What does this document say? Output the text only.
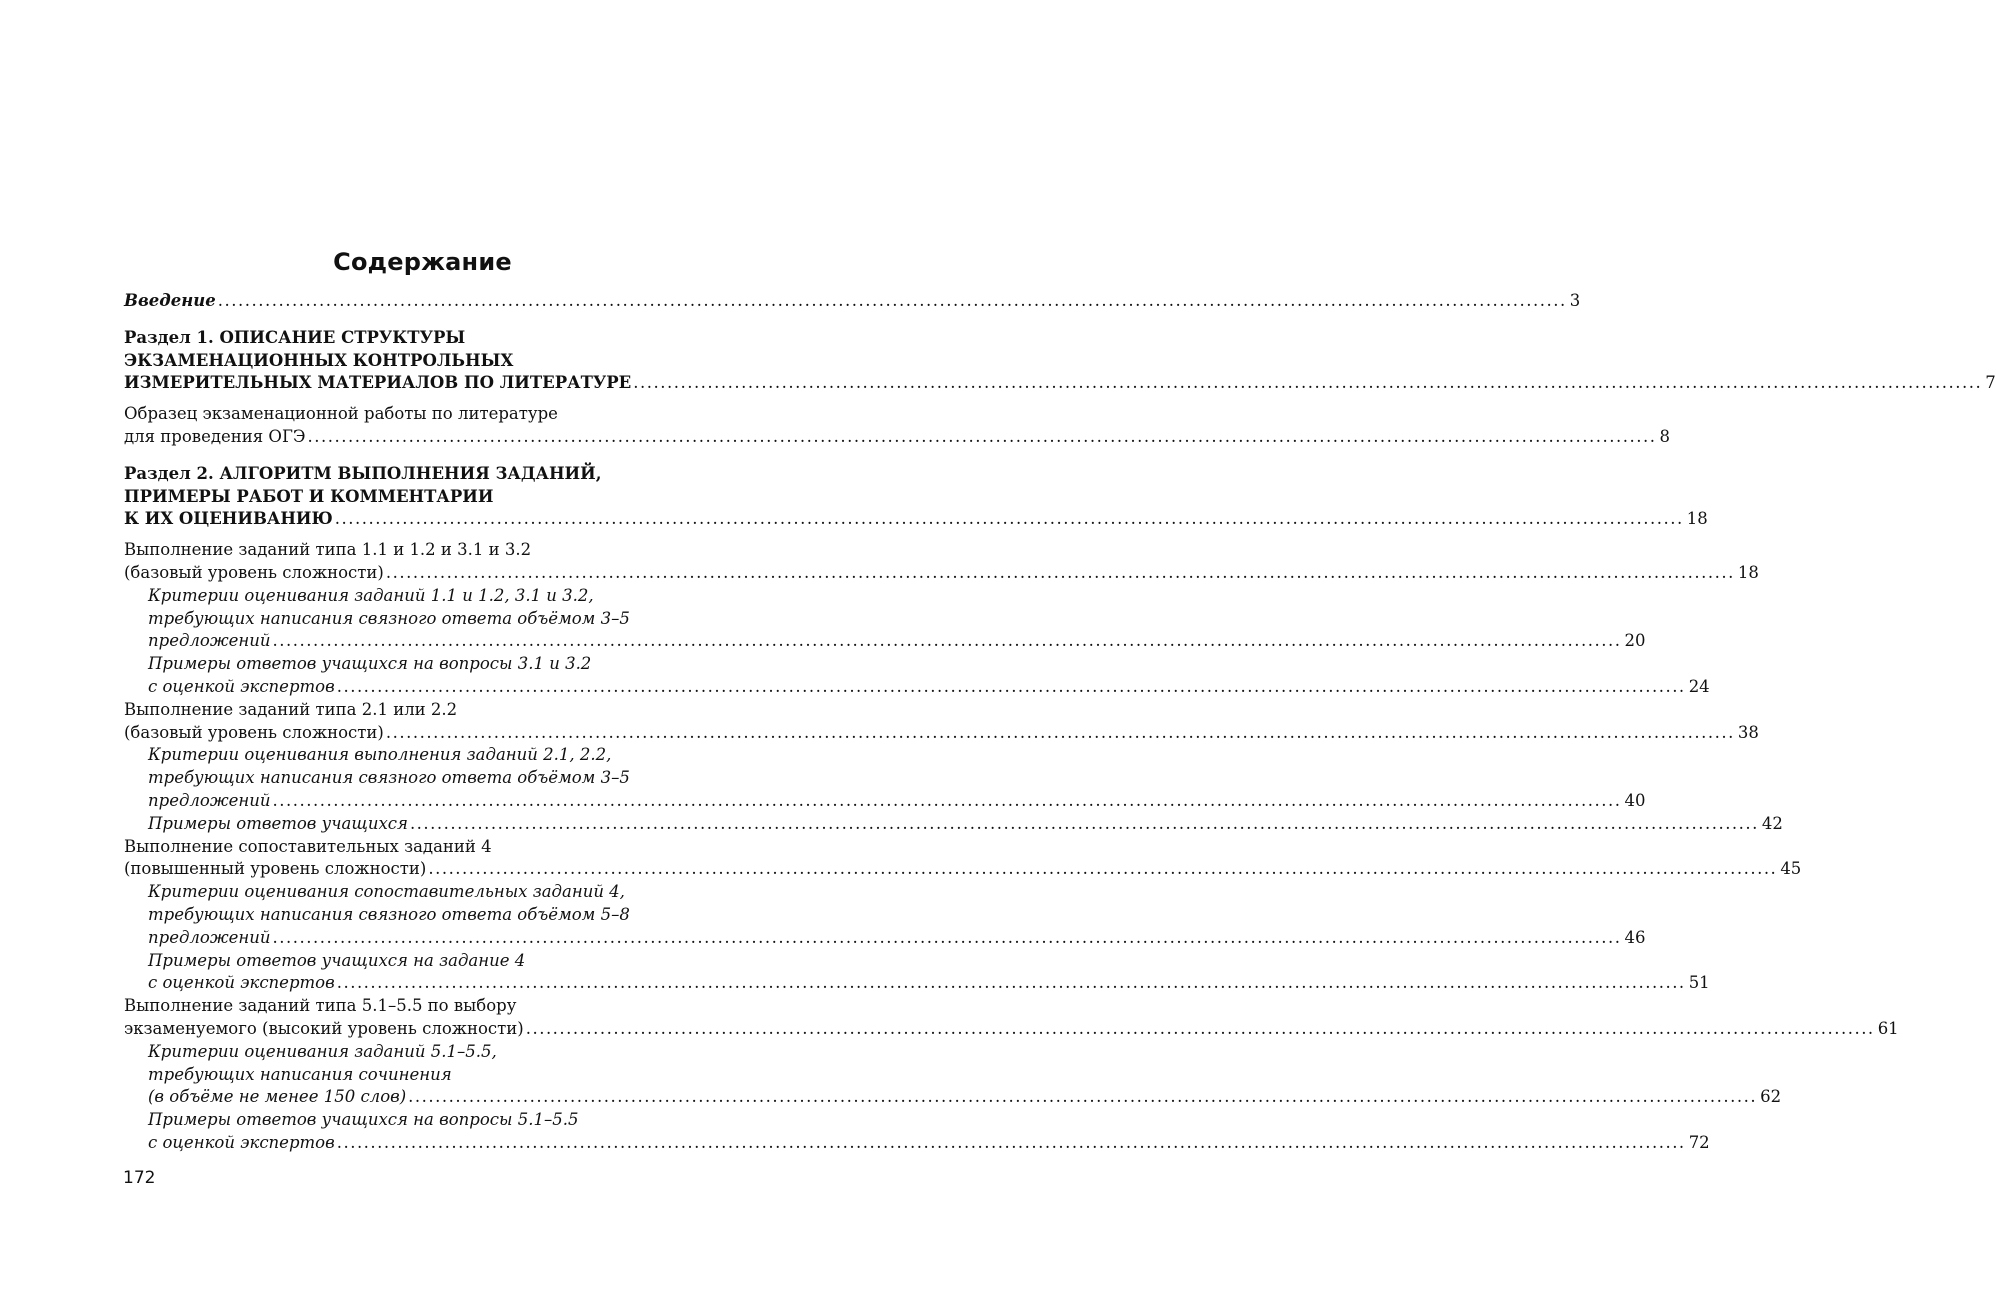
Содержание
Введение ........................................................................................................................................................................................................ 3
Раздел 1. ОПИСАНИЕ СТРУКТУРЫ
ЭКЗАМЕНАЦИОННЫХ КОНТРОЛЬНЫХ
ИЗМЕРИТЕЛЬНЫХ МАТЕРИАЛОВ ПО ЛИТЕРАТУРЕ ........................................................................................................................................................................................................ 7
Образец экзаменационной работы по литературе
для проведения ОГЭ ........................................................................................................................................................................................................ 8
Раздел 2. АЛГОРИТМ ВЫПОЛНЕНИЯ ЗАДАНИЙ,
ПРИМЕРЫ РАБОТ И КОММЕНТАРИИ
К ИХ ОЦЕНИВАНИЮ ........................................................................................................................................................................................................ 18
Выполнение заданий типа 1.1 и 1.2 и 3.1 и 3.2
(базовый уровень сложности) ........................................................................................................................................................................................................ 18
Критерии оценивания заданий 1.1 и 1.2, 3.1 и 3.2,
требующих написания связного ответа объёмом 3–5
предложений ........................................................................................................................................................................................................ 20
Примеры ответов учащихся на вопросы 3.1 и 3.2
с оценкой экспертов ........................................................................................................................................................................................................ 24
Выполнение заданий типа 2.1 или 2.2
(базовый уровень сложности) ........................................................................................................................................................................................................ 38
Критерии оценивания выполнения заданий 2.1, 2.2,
требующих написания связного ответа объёмом 3–5
предложений ........................................................................................................................................................................................................ 40
Примеры ответов учащихся ........................................................................................................................................................................................................ 42
Выполнение сопоставительных заданий 4
(повышенный уровень сложности) ........................................................................................................................................................................................................ 45
Критерии оценивания сопоставительных заданий 4,
требующих написания связного ответа объёмом 5–8
предложений ........................................................................................................................................................................................................ 46
Примеры ответов учащихся на задание 4
с оценкой экспертов ........................................................................................................................................................................................................ 51
Выполнение заданий типа 5.1–5.5 по выбору
экзаменуемого (высокий уровень сложности) ........................................................................................................................................................................................................ 61
Критерии оценивания заданий 5.1–5.5,
требующих написания сочинения
(в объёме не менее 150 слов) ........................................................................................................................................................................................................ 62
Примеры ответов учащихся на вопросы 5.1–5.5
с оценкой экспертов ........................................................................................................................................................................................................ 72
172
